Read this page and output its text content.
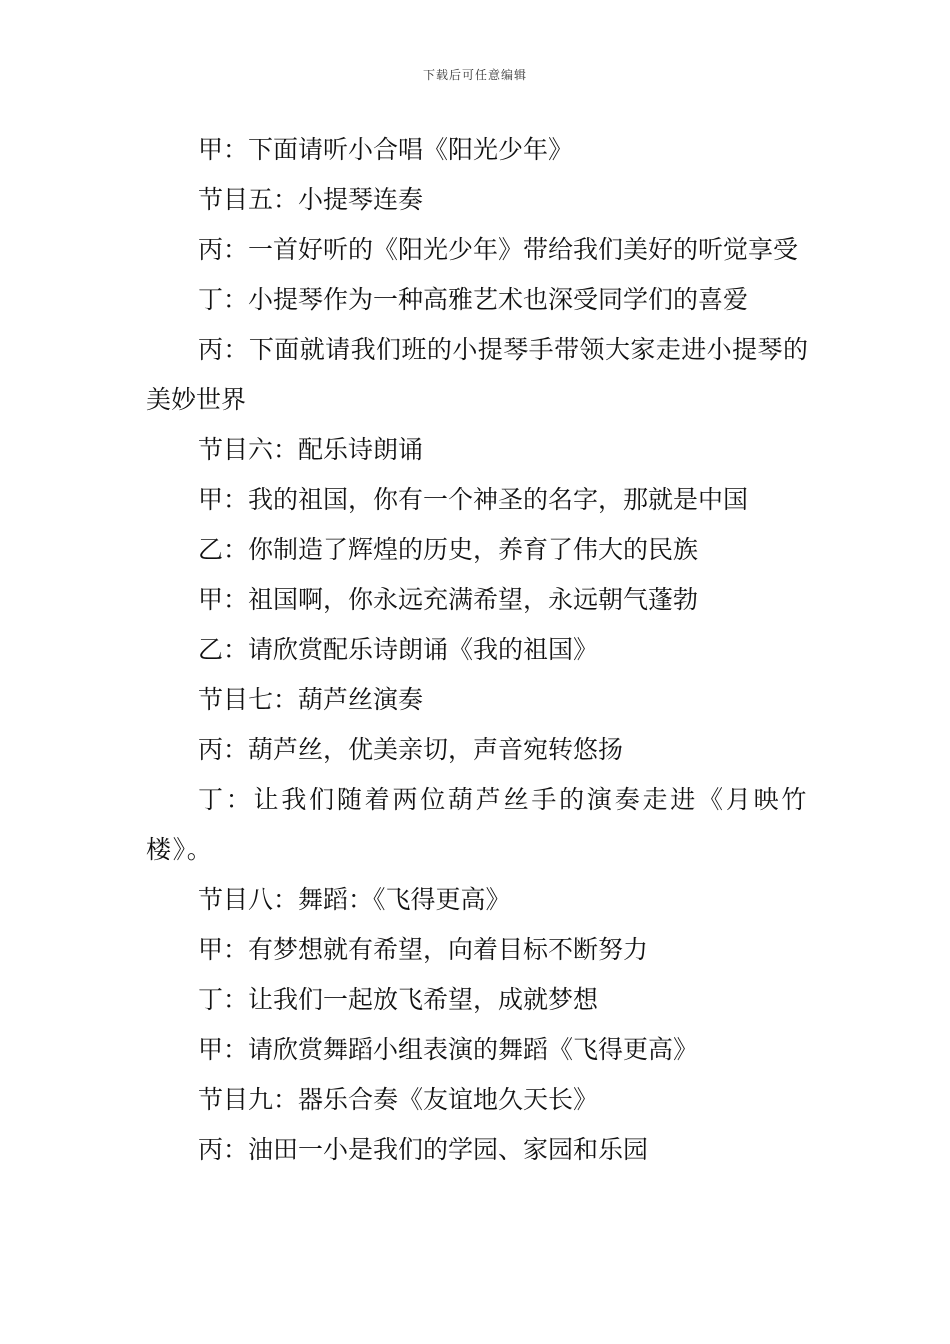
下载后可任意编辑

甲：下面请听小合唱《阳光少年》

节目五：小提琴连奏

丙：一首好听的《阳光少年》带给我们美好的听觉享受

丁：小提琴作为一种高雅艺术也深受同学们的喜爱

丙：下面就请我们班的小提琴手带领大家走进小提琴的美妙世界

节目六：配乐诗朗诵

甲：我的祖国，你有一个神圣的名字，那就是中国

乙：你制造了辉煌的历史，养育了伟大的民族

甲：祖国啊，你永远充满希望，永远朝气蓬勃

乙：请欣赏配乐诗朗诵《我的祖国》

节目七：葫芦丝演奏

丙：葫芦丝，优美亲切，声音宛转悠扬

丁：让我们随着两位葫芦丝手的演奏走进《月映竹楼》。

节目八：舞蹈：《飞得更高》

甲：有梦想就有希望，向着目标不断努力

丁：让我们一起放飞希望，成就梦想

甲：请欣赏舞蹈小组表演的舞蹈《飞得更高》

节目九：器乐合奏《友谊地久天长》

丙：油田一小是我们的学园、家园和乐园
